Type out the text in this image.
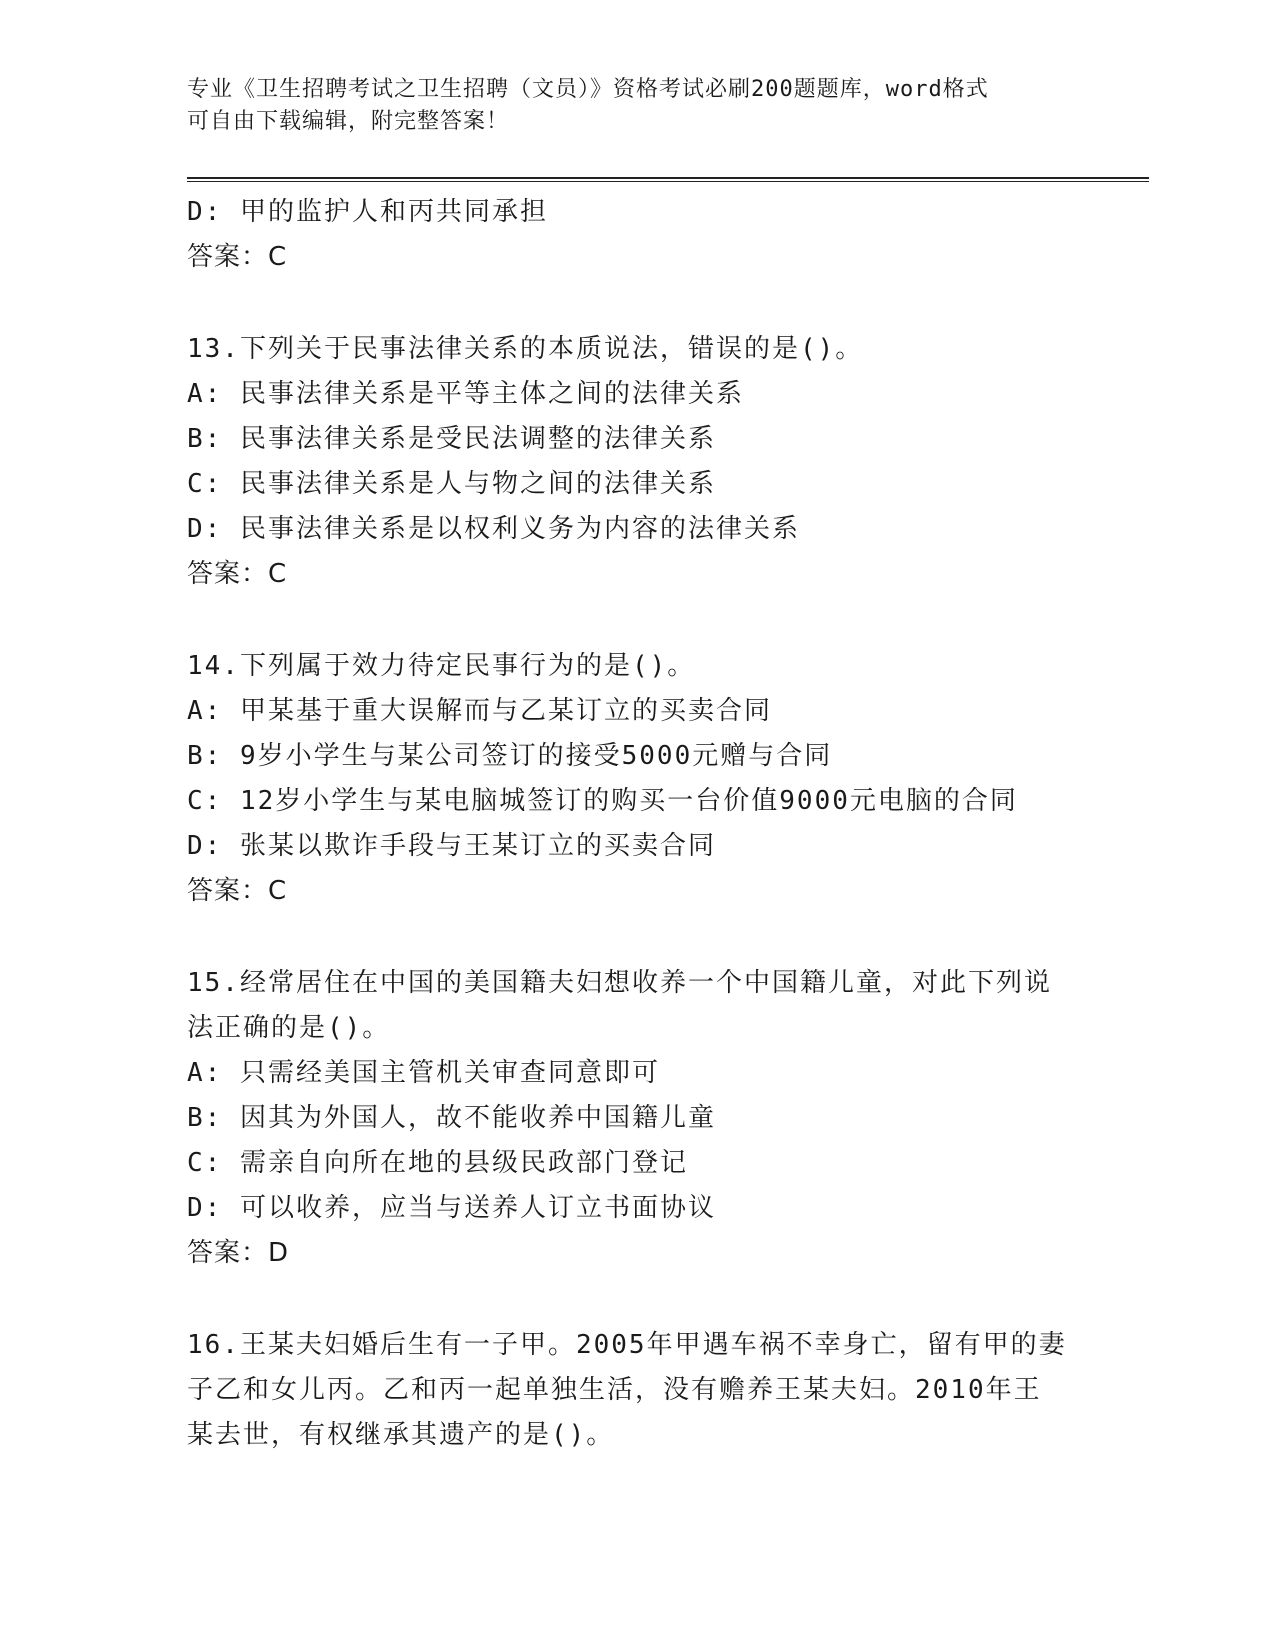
专业《卫生招聘考试之卫生招聘（文员）》资格考试必刷200题题库，word格式
可自由下载编辑，附完整答案！
D: 甲的监护人和丙共同承担
答案：C
13.下列关于民事法律关系的本质说法，错误的是()。
A: 民事法律关系是平等主体之间的法律关系
B: 民事法律关系是受民法调整的法律关系
C: 民事法律关系是人与物之间的法律关系
D: 民事法律关系是以权利义务为内容的法律关系
答案：C
14.下列属于效力待定民事行为的是()。
A: 甲某基于重大误解而与乙某订立的买卖合同
B: 9岁小学生与某公司签订的接受5000元赠与合同
C: 12岁小学生与某电脑城签订的购买一台价值9000元电脑的合同
D: 张某以欺诈手段与王某订立的买卖合同
答案：C
15.经常居住在中国的美国籍夫妇想收养一个中国籍儿童，对此下列说
法正确的是()。
A: 只需经美国主管机关审查同意即可
B: 因其为外国人，故不能收养中国籍儿童
C: 需亲自向所在地的县级民政部门登记
D: 可以收养，应当与送养人订立书面协议
答案：D
16.王某夫妇婚后生有一子甲。2005年甲遇车祸不幸身亡，留有甲的妻
子乙和女儿丙。乙和丙一起单独生活，没有赡养王某夫妇。2010年王
某去世，有权继承其遗产的是()。
